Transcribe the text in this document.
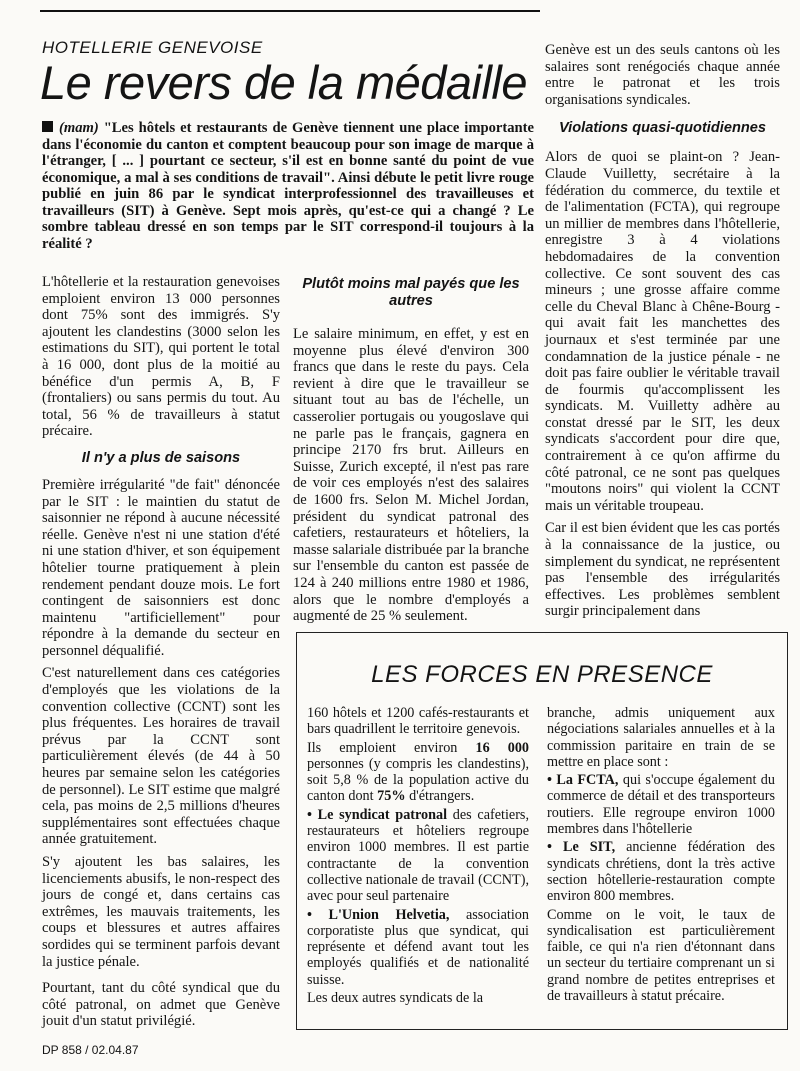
HOTELLERIE GENEVOISE
Le revers de la médaille
(mam) "Les hôtels et restaurants de Genève tiennent une place importante dans l'économie du canton et comptent beaucoup pour son image de marque à l'étranger, [ ... ] pourtant ce secteur, s'il est en bonne santé du point de vue économique, a mal à ses conditions de travail". Ainsi débute le petit livre rouge publié en juin 86 par le syndicat interprofessionnel des travailleuses et travailleurs (SIT) à Genève. Sept mois après, qu'est-ce qui a changé ? Le sombre tableau dressé en son temps par le SIT correspond-il toujours à la réalité ?

L'hôtellerie et la restauration genevoises emploient environ 13 000 personnes dont 75% sont des immigrés. S'y ajoutent les clandestins (3000 selon les estimations du SIT), qui portent le total à 16 000, dont plus de la moitié au bénéfice d'un permis A, B, F (frontaliers) ou sans permis du tout. Au total, 56 % de travailleurs à statut précaire.

Il n'y a plus de saisons

Première irrégularité "de fait" dénoncée par le SIT : le maintien du statut de saisonnier ne répond à aucune nécessité réelle. Genève n'est ni une station d'été ni une station d'hiver, et son équipement hôtelier tourne pratiquement à plein rendement pendant douze mois. Le fort contingent de saisonniers est donc maintenu "artificiellement" pour répondre à la demande du secteur en personnel déqualifié.

C'est naturellement dans ces catégories d'employés que les violations de la convention collective (CCNT) sont les plus fréquentes. Les horaires de travail prévus par la CCNT sont particulièrement élevés (de 44 à 50 heures par semaine selon les catégories de personnel). Le SIT estime que malgré cela, pas moins de 2,5 millions d'heures supplémentaires sont effectuées chaque année gratuitement.

S'y ajoutent les bas salaires, les licenciements abusifs, le non-respect des jours de congé et, dans certains cas extrêmes, les mauvais traitements, les coups et blessures et autres affaires sordides qui se terminent parfois devant la justice pénale.

Pourtant, tant du côté syndical que du côté patronal, on admet que Genève jouit d'un statut privilégié.

Plutôt moins mal payés que les autres

Le salaire minimum, en effet, y est en moyenne plus élevé d'environ 300 francs que dans le reste du pays. Cela revient à dire que le travailleur se situant tout au bas de l'échelle, un casserolier portugais ou yougoslave qui ne parle pas le français, gagnera en principe 2170 frs brut. Ailleurs en Suisse, Zurich excepté, il n'est pas rare de voir ces employés n'est des salaires de 1600 frs. Selon M. Michel Jordan, président du syndicat patronal des cafetiers, restaurateurs et hôteliers, la masse salariale distribuée par la branche sur l'ensemble du canton est passée de 124 à 240 millions entre 1980 et 1986, alors que le nombre d'employés a augmenté de 25 % seulement.

Genève est un des seuls cantons où les salaires sont renégociés chaque année entre le patronat et les trois organisations syndicales.

Violations quasi-quotidiennes

Alors de quoi se plaint-on ? Jean-Claude Vuilletty, secrétaire à la fédération du commerce, du textile et de l'alimentation (FCTA), qui regroupe un millier de membres dans l'hôtellerie, enregistre 3 à 4 violations hebdomadaires de la convention collective. Ce sont souvent des cas mineurs ; une grosse affaire comme celle du Cheval Blanc à Chêne-Bourg - qui avait fait les manchettes des journaux et s'est terminée par une condamnation de la justice pénale - ne doit pas faire oublier le véritable travail de fourmis qu'accomplissent les syndicats. M. Vuilletty adhère au constat dressé par le SIT, les deux syndicats s'accordent pour dire que, contrairement à ce qu'on affirme du côté patronal, ce ne sont pas quelques "moutons noirs" qui violent la CCNT mais un véritable troupeau.

Car il est bien évident que les cas portés à la connaissance de la justice, ou simplement du syndicat, ne représentent pas l'ensemble des irrégularités effectives. Les problèmes semblent surgir principalement dans

LES FORCES EN PRESENCE

160 hôtels et 1200 cafés-restaurants et bars quadrillent le territoire genevois.

Ils emploient environ 16 000 personnes (y compris les clandestins), soit 5,8 % de la population active du canton dont 75% d'étrangers.

• Le syndicat patronal des cafetiers, restaurateurs et hôteliers regroupe environ 1000 membres. Il est partie contractante de la convention collective nationale de travail (CCNT), avec pour seul partenaire

• L'Union Helvetia, association corporatiste plus que syndicat, qui représente et défend avant tout les employés qualifiés et de nationalité suisse.

Les deux autres syndicats de la

branche, admis uniquement aux négociations salariales annuelles et à la commission paritaire en train de se mettre en place sont :

• La FCTA, qui s'occupe également du commerce de détail et des transporteurs routiers. Elle regroupe environ 1000 membres dans l'hôtellerie

• Le SIT, ancienne fédération des syndicats chrétiens, dont la très active section hôtellerie-restauration compte environ 800 membres.

Comme on le voit, le taux de syndicalisation est particulièrement faible, ce qui n'a rien d'étonnant dans un secteur du tertiaire comprenant un si grand nombre de petites entreprises et de travailleurs à statut précaire.

DP 858 / 02.04.87
